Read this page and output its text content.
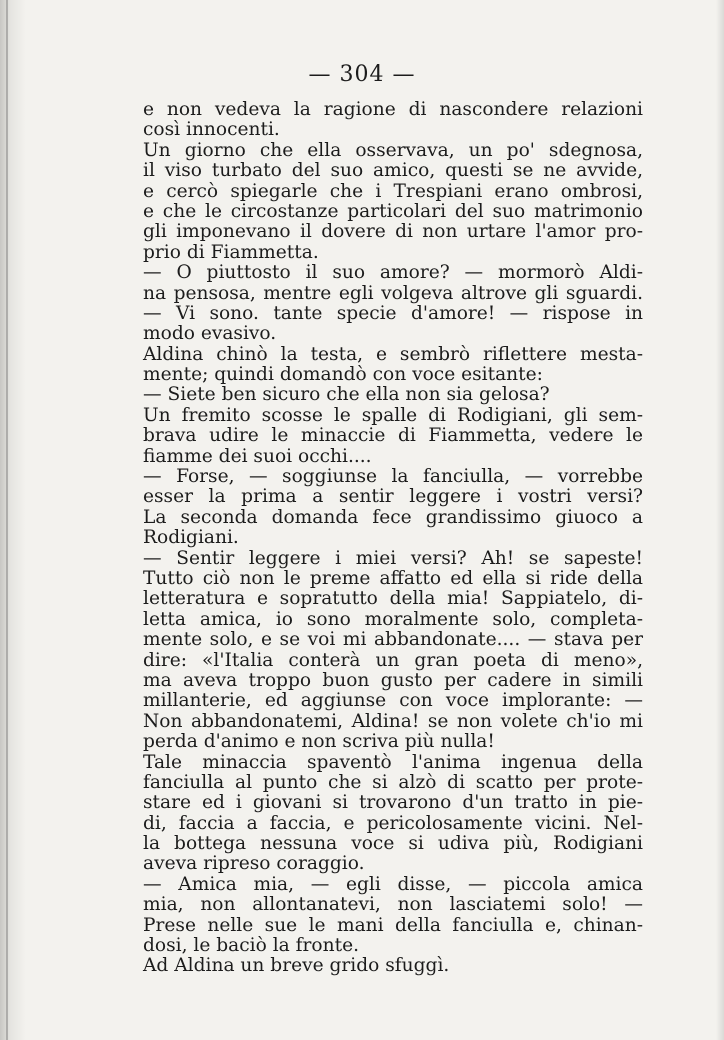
— 304 —
e non vedeva la ragione di nascondere relazioni
così innocenti.
Un giorno che ella osservava, un po' sdegnosa,
il viso turbato del suo amico, questi se ne avvide,
e cercò spiegarle che i Trespiani erano ombrosi,
e che le circostanze particolari del suo matrimonio
gli imponevano il dovere di non urtare l'amor pro-
prio di Fiammetta.
— O piuttosto il suo amore? — mormorò Aldi-
na pensosa, mentre egli volgeva altrove gli sguardi.
— Vi sono. tante specie d'amore! — rispose in
modo evasivo.
Aldina chinò la testa, e sembrò riflettere mesta-
mente; quindi domandò con voce esitante:
— Siete ben sicuro che ella non sia gelosa?
Un fremito scosse le spalle di Rodigiani, gli sem-
brava udire le minaccie di Fiammetta, vedere le
fiamme dei suoi occhi....
— Forse, — soggiunse la fanciulla, — vorrebbe
esser la prima a sentir leggere i vostri versi?
La seconda domanda fece grandissimo giuoco a
Rodigiani.
— Sentir leggere i miei versi? Ah! se sapeste!
Tutto ciò non le preme affatto ed ella si ride della
letteratura e sopratutto della mia! Sappiatelo, di-
letta amica, io sono moralmente solo, completa-
mente solo, e se voi mi abbandonate.... — stava per
dire: «l'Italia conterà un gran poeta di meno»,
ma aveva troppo buon gusto per cadere in simili
millanterie, ed aggiunse con voce implorante: —
Non abbandonatemi, Aldina! se non volete ch'io mi
perda d'animo e non scriva più nulla!
Tale minaccia spaventò l'anima ingenua della
fanciulla al punto che si alzò di scatto per prote-
stare ed i giovani si trovarono d'un tratto in pie-
di, faccia a faccia, e pericolosamente vicini. Nel-
la bottega nessuna voce si udiva più, Rodigiani
aveva ripreso coraggio.
— Amica mia, — egli disse, — piccola amica
mia, non allontanatevi, non lasciatemi solo! —
Prese nelle sue le mani della fanciulla e, chinan-
dosi, le baciò la fronte.
Ad Aldina un breve grido sfuggì.
